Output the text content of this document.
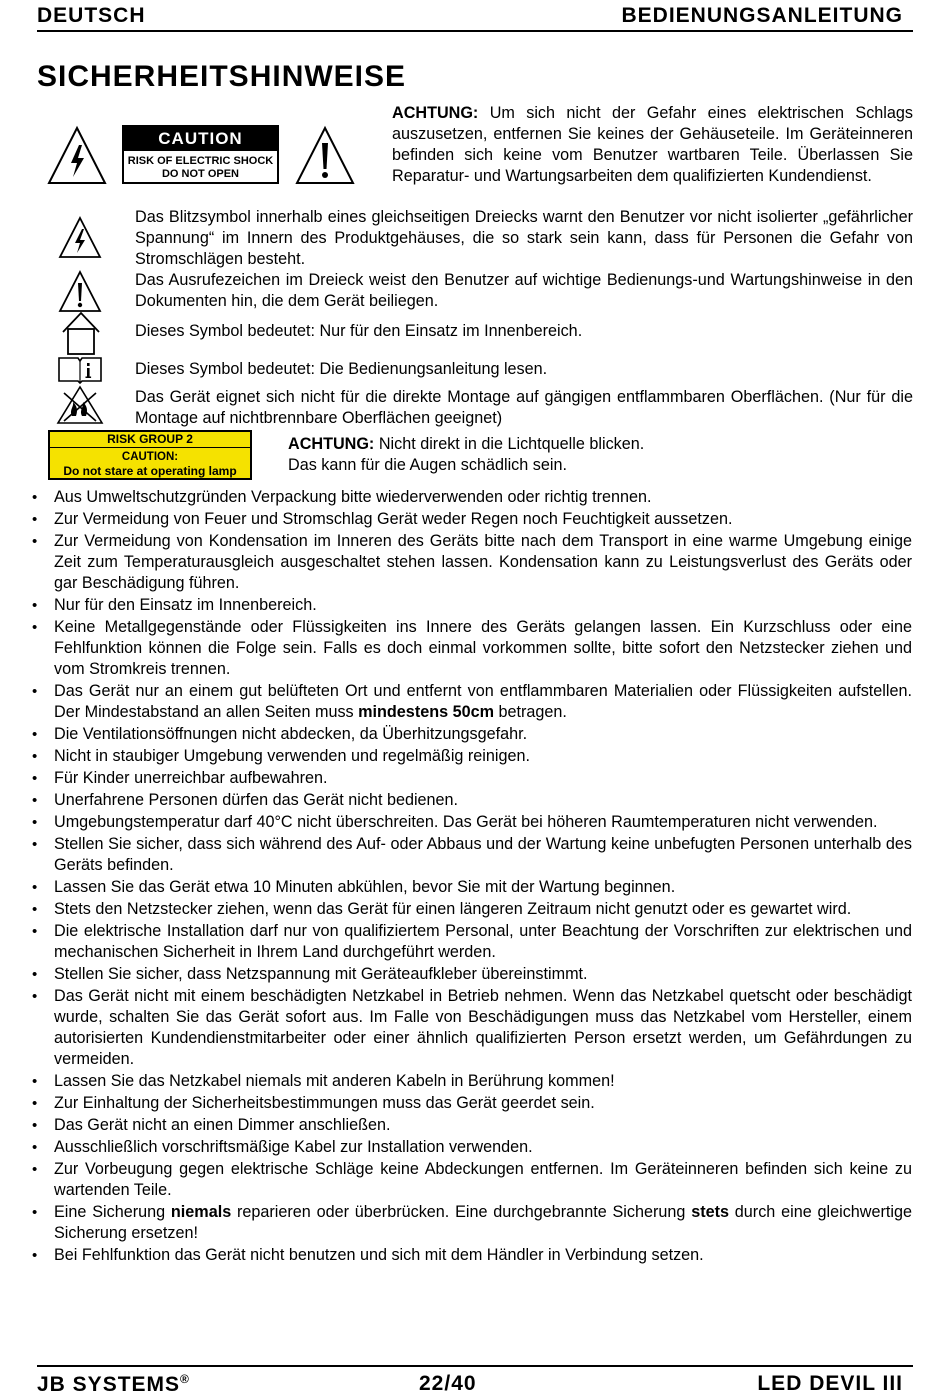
DEUTSCH	BEDIENUNGSANLEITUNG
SICHERHEITSHINWEISE
CAUTION
RISK OF ELECTRIC SHOCK
DO NOT OPEN
ACHTUNG: Um sich nicht der Gefahr eines elektrischen Schlags auszusetzen, entfernen Sie keines der Gehäuseteile. Im Geräteinneren befinden sich keine vom Benutzer wartbaren Teile. Überlassen Sie Reparatur- und Wartungsarbeiten dem qualifizierten Kundendienst.
Das Blitzsymbol innerhalb eines gleichseitigen Dreiecks warnt den Benutzer vor nicht isolierter „gefährlicher Spannung“ im Innern des Produktgehäuses, die so stark sein kann, dass für Personen die Gefahr von Stromschlägen besteht.
Das Ausrufezeichen im Dreieck weist den Benutzer auf wichtige Bedienungs-und Wartungshinweise in den Dokumenten hin, die dem Gerät beiliegen.
Dieses Symbol bedeutet: Nur für den Einsatz im Innenbereich.
Dieses Symbol bedeutet: Die Bedienungsanleitung lesen.
Das Gerät eignet sich nicht für die direkte Montage auf gängigen entflammbaren Oberflächen. (Nur für die Montage auf nichtbrennbare Oberflächen geeignet)
RISK GROUP 2
CAUTION:
Do not stare at operating lamp
ACHTUNG: Nicht direkt in die Lichtquelle blicken.
Das kann für die Augen schädlich sein.
• Aus Umweltschutzgründen Verpackung bitte wiederverwenden oder richtig trennen.
• Zur Vermeidung von Feuer und Stromschlag Gerät weder Regen noch Feuchtigkeit aussetzen.
• Zur Vermeidung von Kondensation im Inneren des Geräts bitte nach dem Transport in eine warme Umgebung einige Zeit zum Temperaturausgleich ausgeschaltet stehen lassen. Kondensation kann zu Leistungsverlust des Geräts oder gar Beschädigung führen.
• Nur für den Einsatz im Innenbereich.
• Keine Metallgegenstände oder Flüssigkeiten ins Innere des Geräts gelangen lassen. Ein Kurzschluss oder eine Fehlfunktion können die Folge sein. Falls es doch einmal vorkommen sollte, bitte sofort den Netzstecker ziehen und vom Stromkreis trennen.
• Das Gerät nur an einem gut belüfteten Ort und entfernt von entflammbaren Materialien oder Flüssigkeiten aufstellen. Der Mindestabstand an allen Seiten muss mindestens 50cm betragen.
• Die Ventilationsöffnungen nicht abdecken, da Überhitzungsgefahr.
• Nicht in staubiger Umgebung verwenden und regelmäßig reinigen.
• Für Kinder unerreichbar aufbewahren.
• Unerfahrene Personen dürfen das Gerät nicht bedienen.
• Umgebungstemperatur darf 40°C nicht überschreiten. Das Gerät bei höheren Raumtemperaturen nicht verwenden.
• Stellen Sie sicher, dass sich während des Auf- oder Abbaus und der Wartung keine unbefugten Personen unterhalb des Geräts befinden.
• Lassen Sie das Gerät etwa 10 Minuten abkühlen, bevor Sie mit der Wartung beginnen.
• Stets den Netzstecker ziehen, wenn das Gerät für einen längeren Zeitraum nicht genutzt oder es gewartet wird.
• Die elektrische Installation darf nur von qualifiziertem Personal, unter Beachtung der Vorschriften zur elektrischen und mechanischen Sicherheit in Ihrem Land durchgeführt werden.
• Stellen Sie sicher, dass Netzspannung mit Geräteaufkleber übereinstimmt.
• Das Gerät nicht mit einem beschädigten Netzkabel in Betrieb nehmen. Wenn das Netzkabel quetscht oder beschädigt wurde, schalten Sie das Gerät sofort aus. Im Falle von Beschädigungen muss das Netzkabel vom Hersteller, einem autorisierten Kundendienstmitarbeiter oder einer ähnlich qualifizierten Person ersetzt werden, um Gefährdungen zu vermeiden.
• Lassen Sie das Netzkabel niemals mit anderen Kabeln in Berührung kommen!
• Zur Einhaltung der Sicherheitsbestimmungen muss das Gerät geerdet sein.
• Das Gerät nicht an einen Dimmer anschließen.
• Ausschließlich vorschriftsmäßige Kabel zur Installation verwenden.
• Zur Vorbeugung gegen elektrische Schläge keine Abdeckungen entfernen. Im Geräteinneren befinden sich keine zu wartenden Teile.
• Eine Sicherung niemals reparieren oder überbrücken. Eine durchgebrannte Sicherung stets durch eine gleichwertige Sicherung ersetzen!
• Bei Fehlfunktion das Gerät nicht benutzen und sich mit dem Händler in Verbindung setzen.
JB SYSTEMS®	22/40	LED DEVIL III
